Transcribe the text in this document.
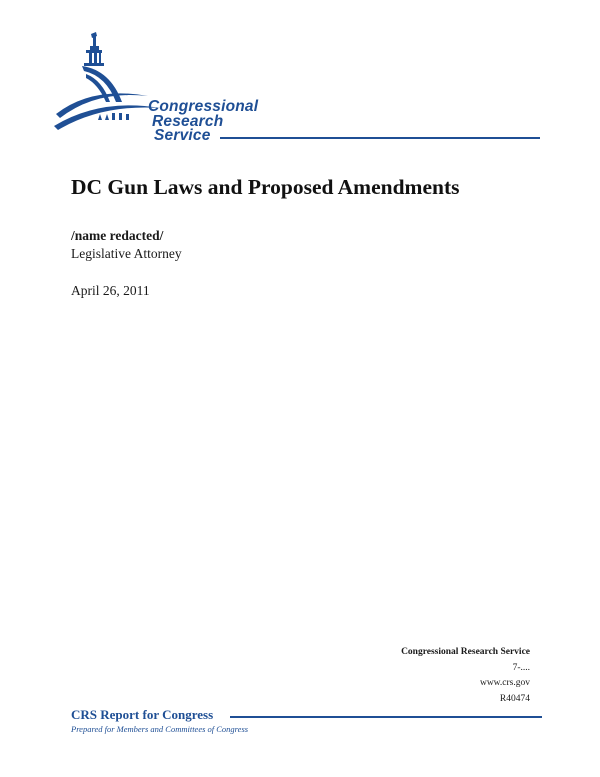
Congressional
Research
Service
DC Gun Laws and Proposed Amendments
/name redacted/
Legislative Attorney
April 26, 2011
Congressional Research Service
7-....
www.crs.gov
R40474
CRS Report for Congress
Prepared for Members and Committees of Congress
